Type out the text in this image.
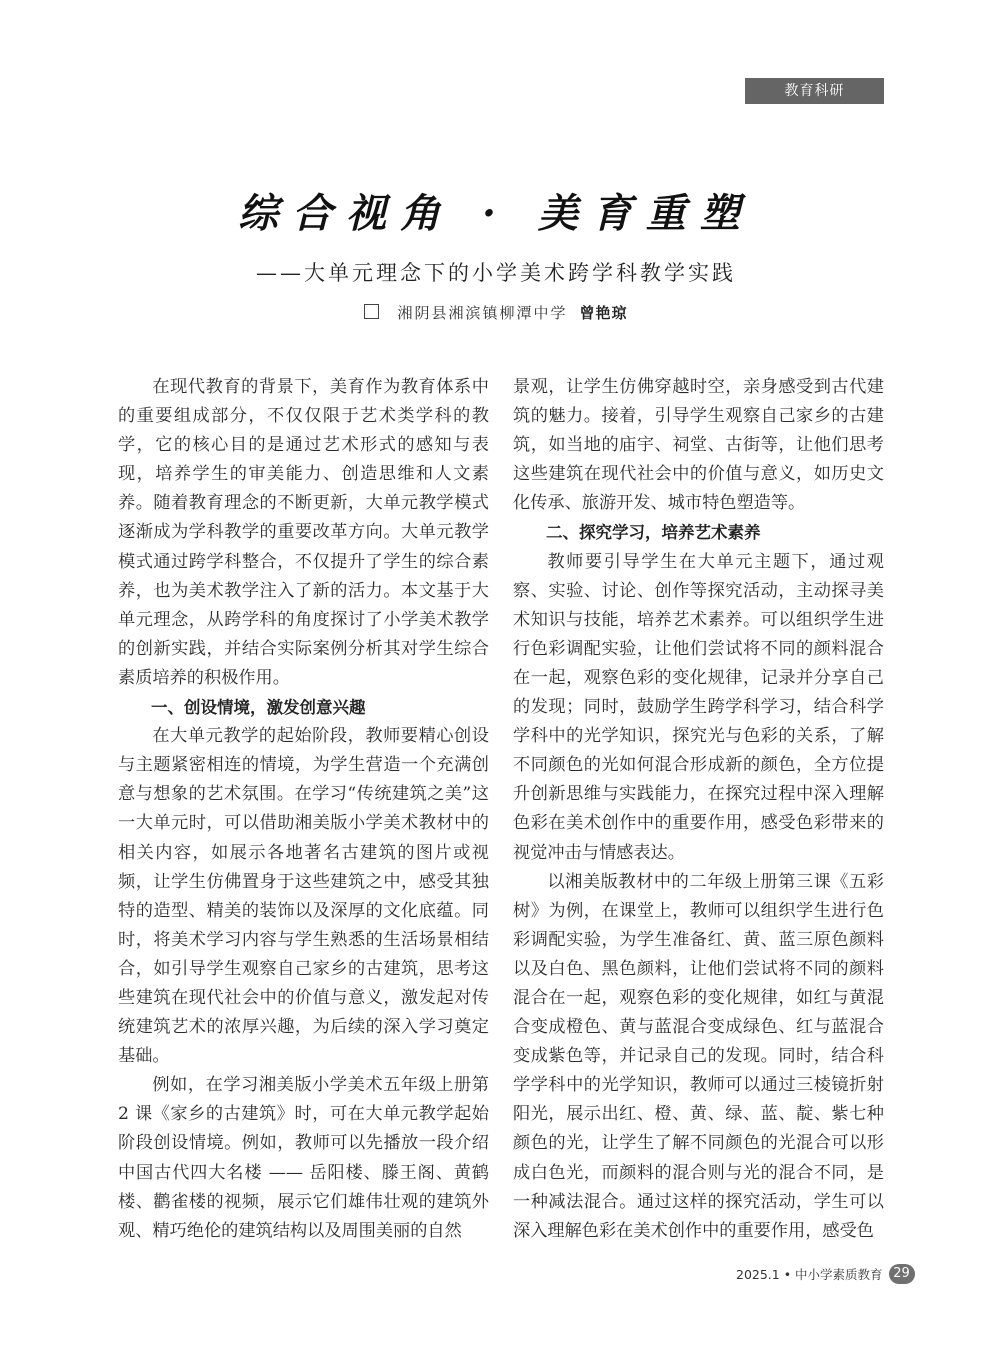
教育科研
综合视角 · 美育重塑
——大单元理念下的小学美术跨学科教学实践
湘阴县湘滨镇柳潭中学 曾艳琼

在现代教育的背景下，美育作为教育体系中的重要组成部分，不仅仅限于艺术类学科的教学，它的核心目的是通过艺术形式的感知与表现，培养学生的审美能力、创造思维和人文素养。随着教育理念的不断更新，大单元教学模式逐渐成为学科教学的重要改革方向。大单元教学模式通过跨学科整合，不仅提升了学生的综合素养，也为美术教学注入了新的活力。本文基于大单元理念，从跨学科的角度探讨了小学美术教学的创新实践，并结合实际案例分析其对学生综合素质培养的积极作用。

一、创设情境，激发创意兴趣

在大单元教学的起始阶段，教师要精心创设与主题紧密相连的情境，为学生营造一个充满创意与想象的艺术氛围。在学习“传统建筑之美”这一大单元时，可以借助湘美版小学美术教材中的相关内容，如展示各地著名古建筑的图片或视频，让学生仿佛置身于这些建筑之中，感受其独特的造型、精美的装饰以及深厚的文化底蕴。同时，将美术学习内容与学生熟悉的生活场景相结合，如引导学生观察自己家乡的古建筑，思考这些建筑在现代社会中的价值与意义，激发起对传统建筑艺术的浓厚兴趣，为后续的深入学习奠定基础。

例如，在学习湘美版小学美术五年级上册第 2 课《家乡的古建筑》时，可在大单元教学起始阶段创设情境。例如，教师可以先播放一段介绍中国古代四大名楼 —— 岳阳楼、滕王阁、黄鹤楼、鹳雀楼的视频，展示它们雄伟壮观的建筑外观、精巧绝伦的建筑结构以及周围美丽的自然

景观，让学生仿佛穿越时空，亲身感受到古代建筑的魅力。接着，引导学生观察自己家乡的古建筑，如当地的庙宇、祠堂、古街等，让他们思考这些建筑在现代社会中的价值与意义，如历史文化传承、旅游开发、城市特色塑造等。

二、探究学习，培养艺术素养

教师要引导学生在大单元主题下，通过观察、实验、讨论、创作等探究活动，主动探寻美术知识与技能，培养艺术素养。可以组织学生进行色彩调配实验，让他们尝试将不同的颜料混合在一起，观察色彩的变化规律，记录并分享自己的发现；同时，鼓励学生跨学科学习，结合科学学科中的光学知识，探究光与色彩的关系，了解不同颜色的光如何混合形成新的颜色，全方位提升创新思维与实践能力，在探究过程中深入理解色彩在美术创作中的重要作用，感受色彩带来的视觉冲击与情感表达。

以湘美版教材中的二年级上册第三课《五彩树》为例，在课堂上，教师可以组织学生进行色彩调配实验，为学生准备红、黄、蓝三原色颜料以及白色、黑色颜料，让他们尝试将不同的颜料混合在一起，观察色彩的变化规律，如红与黄混合变成橙色、黄与蓝混合变成绿色、红与蓝混合变成紫色等，并记录自己的发现。同时，结合科学学科中的光学知识，教师可以通过三棱镜折射阳光，展示出红、橙、黄、绿、蓝、靛、紫七种颜色的光，让学生了解不同颜色的光混合可以形成白色光，而颜料的混合则与光的混合不同，是一种减法混合。通过这样的探究活动，学生可以深入理解色彩在美术创作中的重要作用，感受色

2025.1 • 中小学素质教育 29
